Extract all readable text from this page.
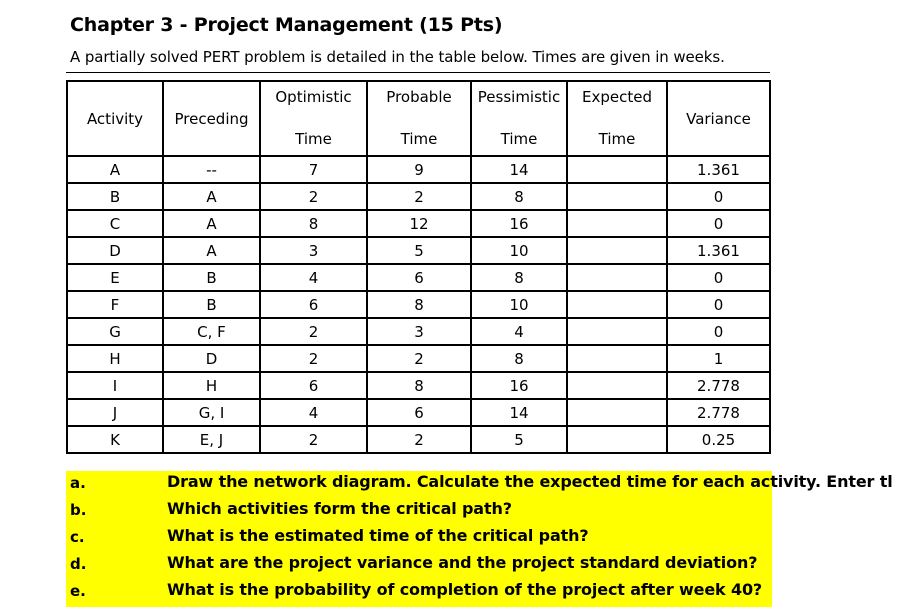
Chapter 3 - Project Management (15 Pts)
A partially solved PERT problem is detailed in the table below. Times are given in weeks.
Activity	Preceding	Optimistic	Probable	Pessimistic	Expected	Variance
		Time	Time	Time	Time	
A	--	7	9	14		1.361
B	A	2	2	8		0
C	A	8	12	16		0
D	A	3	5	10		1.361
E	B	4	6	8		0
F	B	6	8	10		0
G	C, F	2	3	4		0
H	D	2	2	8		1
I	H	6	8	16		2.778
J	G, I	4	6	14		2.778
K	E, J	2	2	5		0.25
a.
b.	Which activities form the critical path?
c.	What is the estimated time of the critical path?
d.	What are the project variance and the project standard deviation?
e.	What is the probability of completion of the project after week 40?
Draw the network diagram. Calculate the expected time for each activity. Enter tl
